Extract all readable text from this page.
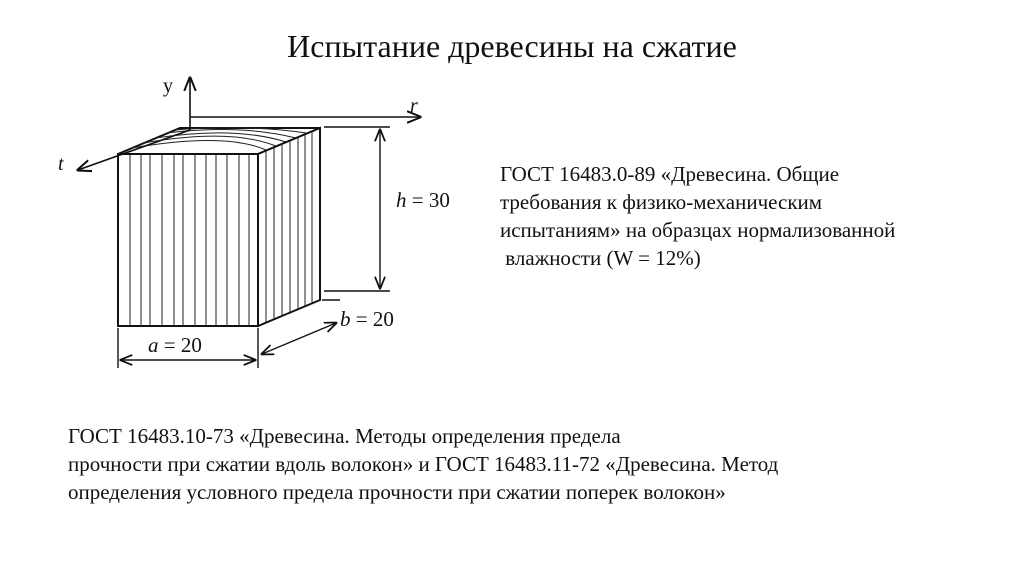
Испытание древесины на сжатие
y
r
t
h = 30
b = 20
a = 20
ГОСТ 16483.0-89 «Древесина. Общие
требования к физико-механическим
испытаниям» на образцах нормализованной
влажности (W = 12%)
ГОСТ 16483.10-73 «Древесина. Методы определения предела
прочности при сжатии вдоль волокон» и ГОСТ 16483.11-72 «Древесина. Метод
определения условного предела прочности при сжатии поперек волокон»
